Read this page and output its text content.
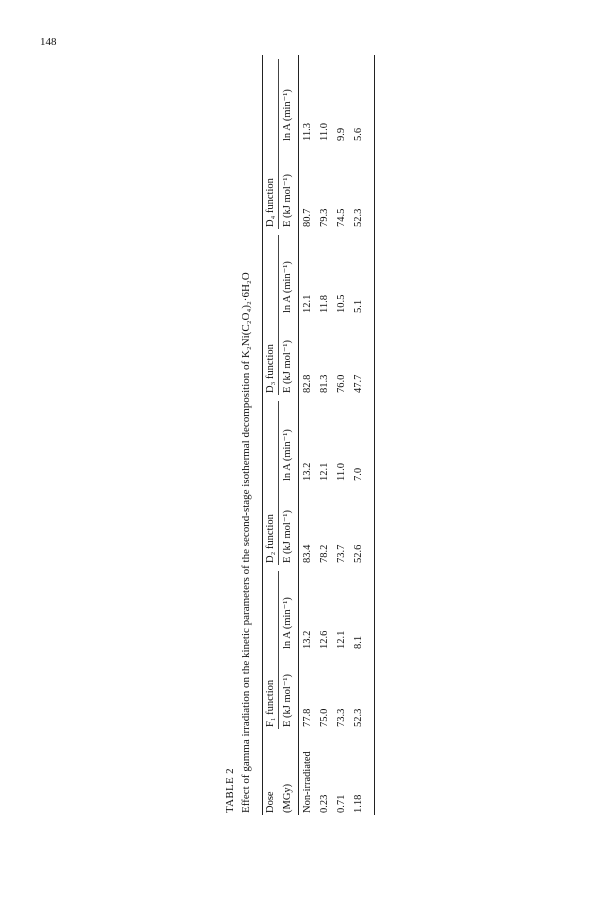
148
TABLE 2 Effect of gamma irradiation on the kinetic parameters of the second-stage isothermal decomposition of K₂Ni(C₂O₄)₂·6H₂O Dose
F₁ function
D₂ function
D₃ function
D₄ function
(MGy)
E (kJ mol⁻¹)
ln A (min⁻¹)
E (kJ mol⁻¹)
ln A (min⁻¹)
E (kJ mol⁻¹)
ln A (min⁻¹)
E (kJ mol⁻¹)
ln A (min⁻¹)
Non-irradiated
77.8
13.2
83.4
13.2
82.8
12.1
80.7
11.3
0.23
75.0
12.6
78.2
12.1
81.3
11.8
79.3
11.0
0.71
73.3
12.1
73.7
11.0
76.0
10.5
74.5
9.9
1.18
52.3
8.1
52.6
7.0
47.7
5.1
52.3
5.6
